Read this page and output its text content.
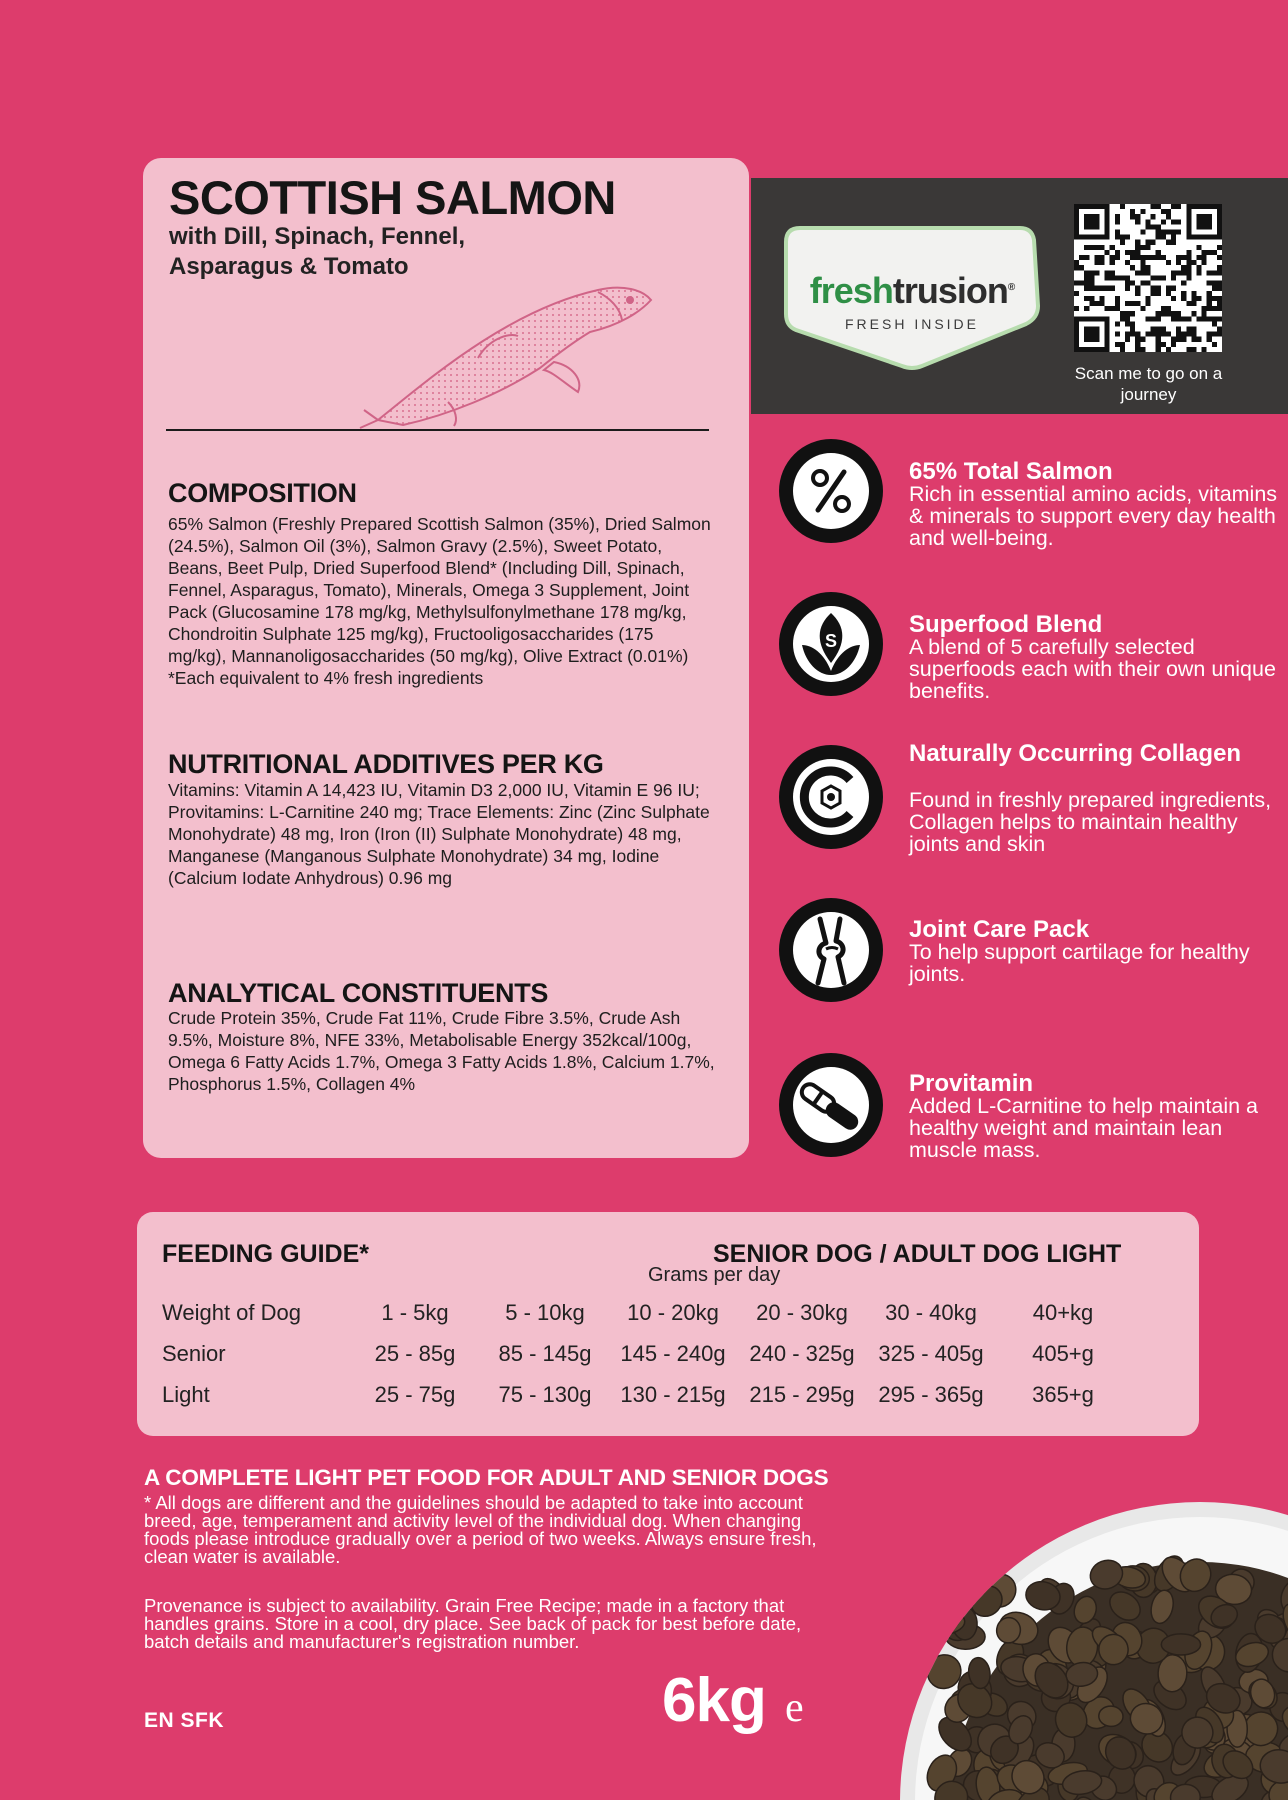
SCOTTISH SALMON
with Dill, Spinach, Fennel, Asparagus & Tomato
COMPOSITION
65% Salmon (Freshly Prepared Scottish Salmon (35%), Dried Salmon (24.5%), Salmon Oil (3%), Salmon Gravy (2.5%), Sweet Potato, Beans, Beet Pulp, Dried Superfood Blend* (Including Dill, Spinach, Fennel, Asparagus, Tomato), Minerals, Omega 3 Supplement, Joint Pack (Glucosamine 178 mg/kg, Methylsulfonylmethane 178 mg/kg, Chondroitin Sulphate 125 mg/kg), Fructooligosaccharides (175 mg/kg), Mannanoligosaccharides (50 mg/kg), Olive Extract (0.01%)
*Each equivalent to 4% fresh ingredients
NUTRITIONAL ADDITIVES PER KG
Vitamins: Vitamin A 14,423 IU, Vitamin D3 2,000 IU, Vitamin E 96 IU; Provitamins: L-Carnitine 240 mg; Trace Elements: Zinc (Zinc Sulphate Monohydrate) 48 mg, Iron (Iron (II) Sulphate Monohydrate) 48 mg, Manganese (Manganous Sulphate Monohydrate) 34 mg, Iodine (Calcium Iodate Anhydrous) 0.96 mg
ANALYTICAL CONSTITUENTS
Crude Protein 35%, Crude Fat 11%, Crude Fibre 3.5%, Crude Ash 9.5%, Moisture 8%, NFE 33%, Metabolisable Energy 352kcal/100g, Omega 6 Fatty Acids 1.7%, Omega 3 Fatty Acids 1.8%, Calcium 1.7%, Phosphorus 1.5%, Collagen 4%
freshtrusion®
FRESH INSIDE
Scan me to go on a journey
65% Total Salmon
Rich in essential amino acids, vitamins & minerals to support every day health and well-being.
S
Superfood Blend
A blend of 5 carefully selected superfoods each with their own unique benefits.
Naturally Occurring Collagen
Found in freshly prepared ingredients, Collagen helps to maintain healthy joints and skin
Joint Care Pack
To help support cartilage for healthy joints.
Provitamin
Added L-Carnitine to help maintain a healthy weight and maintain lean muscle mass.
FEEDING GUIDE*	SENIOR DOG / ADULT DOG LIGHT
Grams per day
Weight of Dog	1 - 5kg	5 - 10kg 10 - 20kg 20 - 30kg 30 - 40kg	40+kg
Senior	25 - 85g 85 - 145g 145 - 240g 240 - 325g 325 - 405g 405+g
Light	25 - 75g 75 - 130g 130 - 215g 215 - 295g 295 - 365g 365+g
A COMPLETE LIGHT PET FOOD FOR ADULT AND SENIOR DOGS
* All dogs are different and the guidelines should be adapted to take into account breed, age, temperament and activity level of the individual dog. When changing foods please introduce gradually over a period of two weeks. Always ensure fresh, clean water is available.
Provenance is subject to availability. Grain Free Recipe; made in a factory that handles grains. Store in a cool, dry place. See back of pack for best before date, batch details and manufacturer's registration number.
EN SFK	6kg e
